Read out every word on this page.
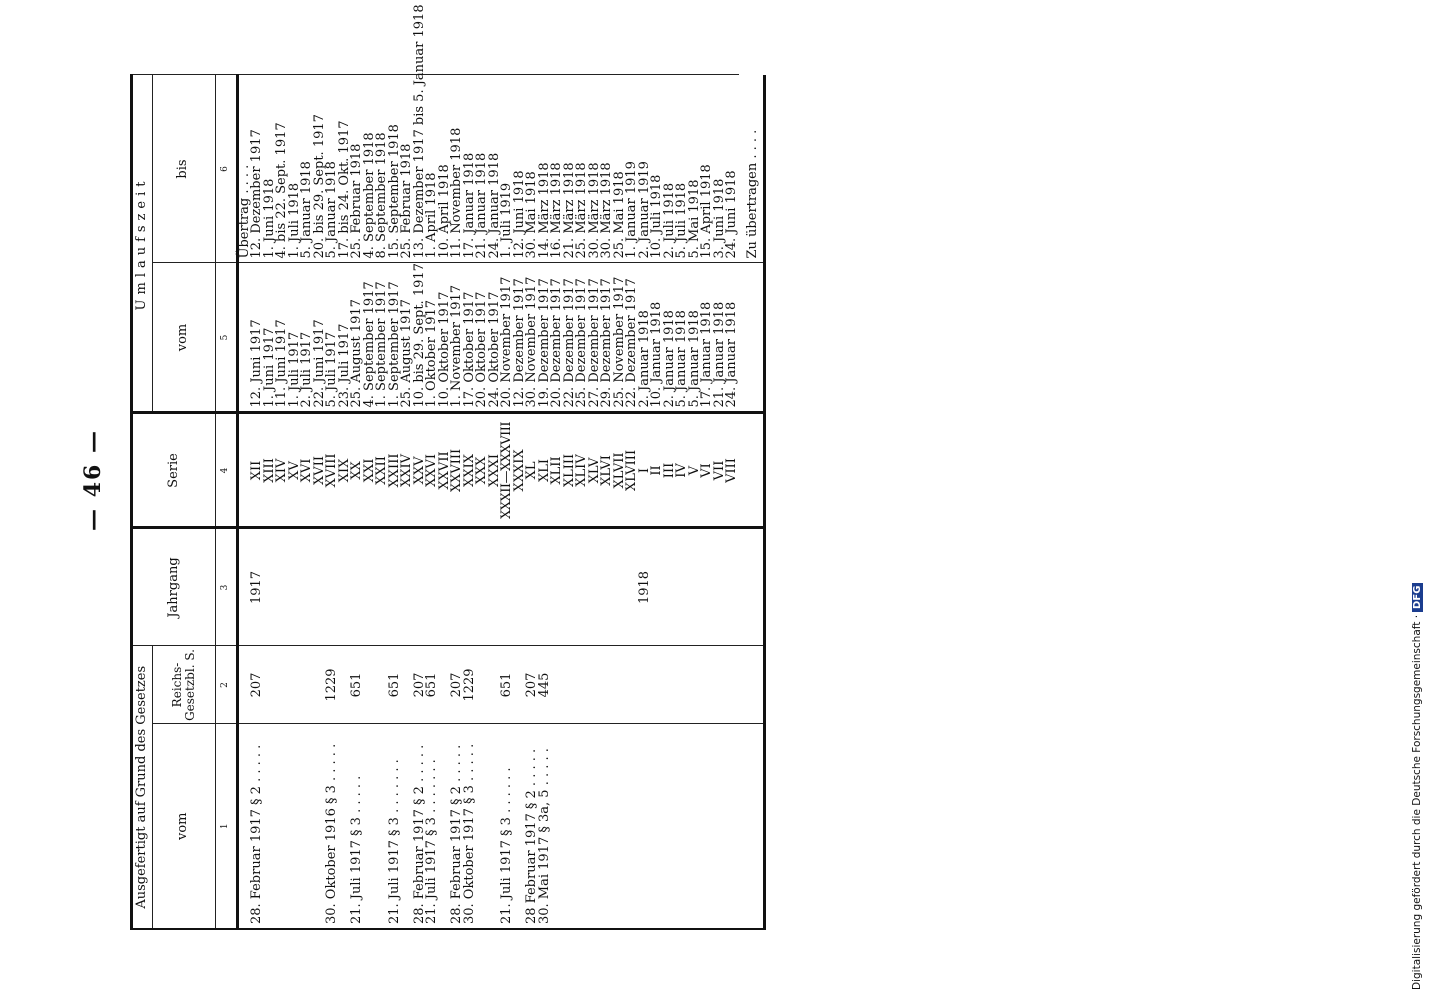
— 46 —
Ausgefertigt auf Grund des Gesetzes		Jahrgang	Serie	Umlaufszeit	
vom	Reichs-Gesetzbl. S.			vom	bis
1	2	3	4	5	6
					Übertrag . . . .
28. Februar 1917 § 2 . . . . .	207	1917	XII	12. Juni 1917	12. Dezember 1917
			XIII	1. Juni 1917	1. Juni 1918
			XIV	11. Juni 1917	4. bis 22. Sept. 1917
			XV	1. Juli 1917	1. Juli 1918
			XVI	2. Juli 1917	5. Januar 1918
			XVII	22. Juni 1917	20. bis 29. Sept. 1917
30. Oktober 1916 § 3 . . . . .	1229		XVIII	5. Juli 1917	5. Januar 1918
			XIX	23. Juli 1917	17. bis 24. Okt. 1917
21. Juli 1917 § 3 . . . . .	651		XX	25. August 1917	25. Februar 1918
			XXI	4. September 1917	4. September 1918
			XXII	1. September 1917	8. September 1918
21. Juli 1917 § 3 . . . . . . .	651		XXIII	1. September 1917	15. September 1918
			XXIV	25. August 1917	25. Februar 1918
28. Februar 1917 § 2 . . . . .	207		XXV	10. bis 29. Sept. 1917	13. Dezember 1917 bis 5. Januar 1918
21. Juli 1917 § 3 . . . . . . .	651		XXVI	1. Oktober 1917	1. April 1918
			XXVII	10. Oktober 1917	10. April 1918
28. Februar 1917 § 2 . . . . .	207		XXVIII	1. November 1917	11. November 1918
30. Oktober 1917 § 3 . . . . .	1229		XXIX	17. Oktober 1917	17. Januar 1918
			XXX	20. Oktober 1917	21. Januar 1918
			XXXI	24. Oktober 1917	24. Januar 1918
21. Juli 1917 § 3 . . . . . .	651		XXXII—XXXVIII	20. November 1917	1. Juli 1919
			XXXIX	12. Dezember 1917	12. Juni 1918
28 Februar 1917 § 2 . . . . .	207		XL	30. November 1917	30. Mai 1918
30. Mai 1917 § 3a, 5 . . . . .	445		XLI	19. Dezember 1917	14. März 1918
			XLII	20. Dezember 1917	16. März 1918
			XLIII	22. Dezember 1917	21. März 1918
			XLIV	25. Dezember 1917	25. März 1918
			XLV	27. Dezember 1917	30. März 1918
			XLVI	29. Dezember 1917	30. März 1918
			XLVII	25. November 1917	25. Mai 1918
			XLVIII	22. Dezember 1917	1. Januar 1919
		1918	I	2. Januar 1918	2. Januar 1919
			II	10. Januar 1918	10. Juli 1918
			III	2. Januar 1918	2. Juli 1918
			IV	5. Januar 1918	5. Juli 1918
			V	5. Januar 1918	5. Mai 1918
			VI	17. Januar 1918	15. April 1918
			VII	21. Januar 1918	3. Juni 1918
			VIII	24. Januar 1918	24. Juni 1918
					Zu übertragen . . . .
Digitalisierung gefördert durch die Deutsche Forschungsgemeinschaft ·DFG
